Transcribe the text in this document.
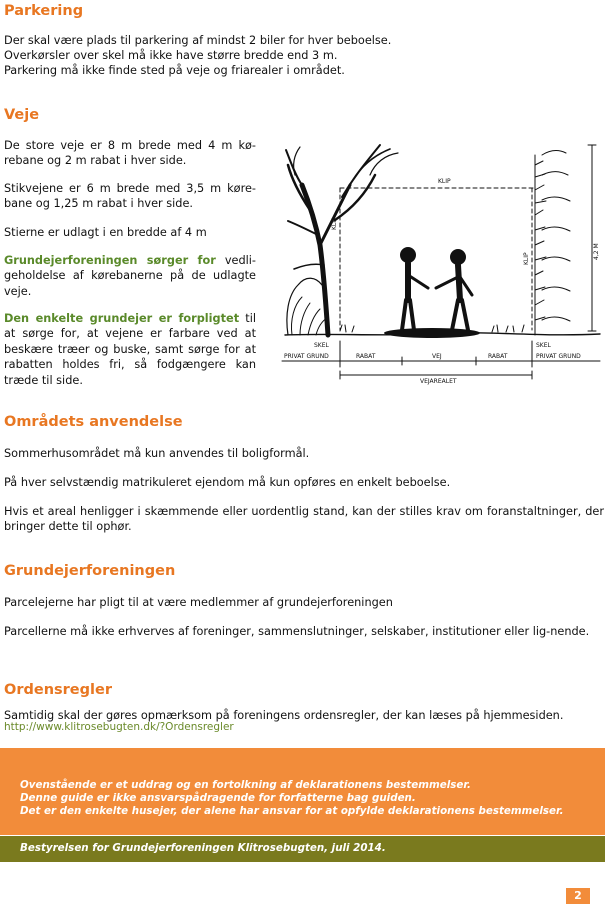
Parkering

Der skal være plads til parkering af mindst 2 biler for hver beboelse.

Overkørsler over skel må ikke have større bredde end 3 m.

Parkering må ikke finde sted på veje og friarealer i området.

Veje

De store veje er 8 m brede med 4 m kø-rebane og 2 m rabat i hver side.

Stikvejene er 6 m brede med 3,5 m køre-bane og 1,25 m rabat i hver side.

Stierne er udlagt i en bredde af 4 m

Grundejerforeningen sørger for vedli-geholdelse af kørebanerne på de udlagte veje.

Den enkelte grundejer er forpligtet til at sørge for, at vejene er farbare ved at beskære træer og buske, samt sørge for at rabatten holdes fri, så fodgængere kan træde til side.

KLIP
KLIP
KLIP	4,2 M
SKEL	SKEL
PRIVAT GRUND	PRIVAT GRUND
RABAT	VEJ	RABAT
VEJAREALET
Områdets anvendelse

Sommerhusområdet må kun anvendes til boligformål.

På hver selvstændig matrikuleret ejendom må kun opføres en enkelt beboelse.

Hvis et areal henligger i skæmmende eller uordentlig stand, kan der stilles krav om foranstaltninger, der bringer dette til ophør.

Grundejerforeningen

Parcelejerne har pligt til at være medlemmer af grundejerforeningen

Parcellerne må ikke erhverves af foreninger, sammenslutninger, selskaber, institutioner eller lig-nende.

Ordensregler

Samtidig skal der gøres opmærksom på foreningens ordensregler, der kan læses på hjemmesiden.

http://www.klitrosebugten.dk/?Ordensregler

Ovenstående er et uddrag og en fortolkning af deklarationens bestemmelser.

Denne guide er ikke ansvarspådragende for forfatterne bag guiden.

Det er den enkelte husejer, der alene har ansvar for at opfylde deklarationens bestemmelser.

Bestyrelsen for Grundejerforeningen Klitrosebugten, juli 2014.

2
